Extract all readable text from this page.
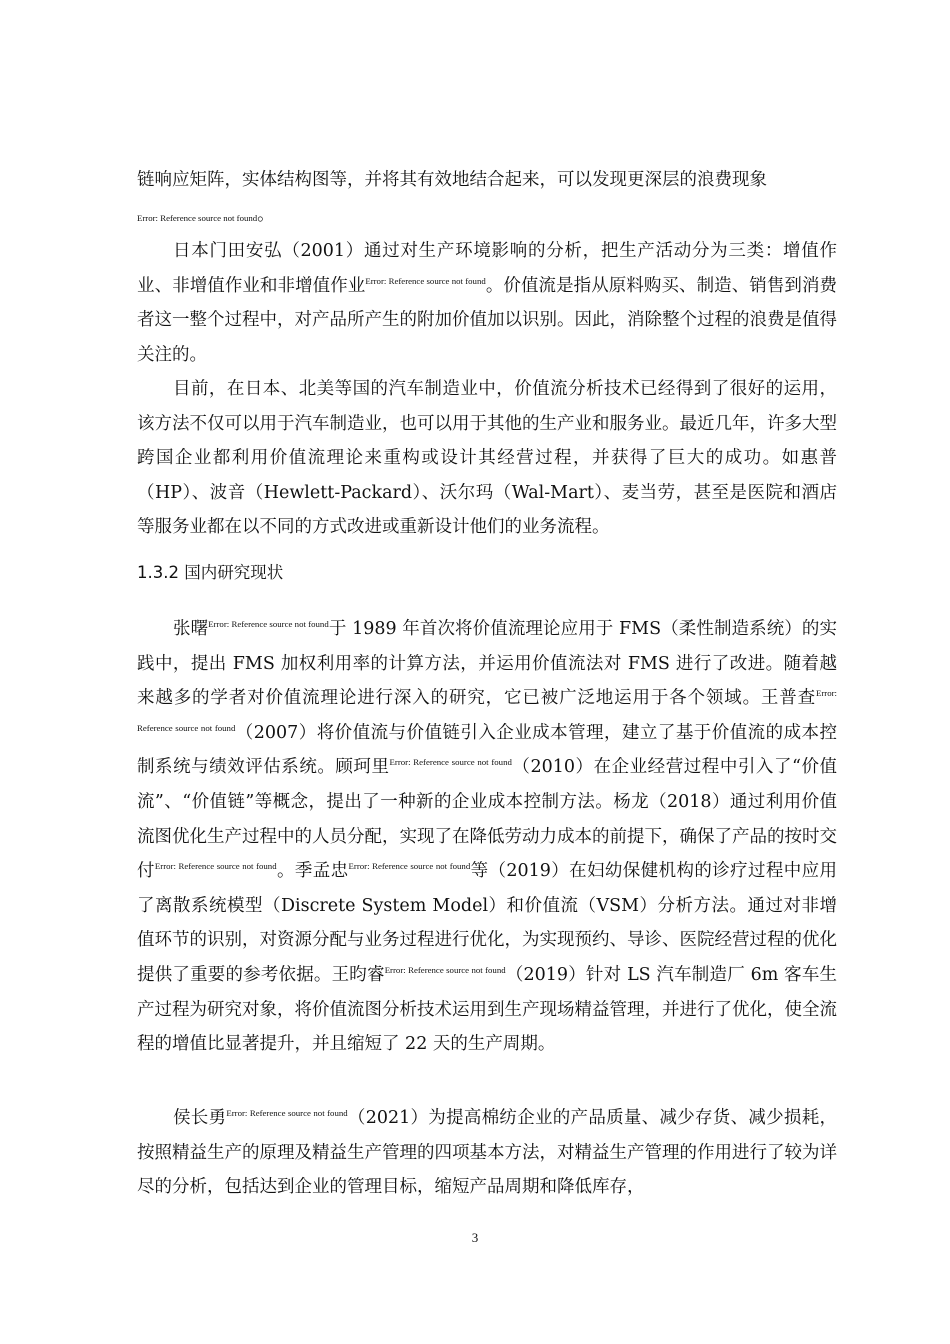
链响应矩阵，实体结构图等，并将其有效地结合起来，可以发现更深层的浪费现象
Error: Reference source not found。

日本门田安弘（2001）通过对生产环境影响的分析，把生产活动分为三类：增值作业、非增值作业和非增值作业$^{Error: Reference source not found}$。价值流是指从原料购买、制造、销售到消费者这一整个过程中，对产品所产生的附加价值加以识别。因此，消除整个过程的浪费是值得关注的。

目前，在日本、北美等国的汽车制造业中，价值流分析技术已经得到了很好的运用，该方法不仅可以用于汽车制造业，也可以用于其他的生产业和服务业。最近几年，许多大型跨国企业都利用价值流理论来重构或设计其经营过程，并获得了巨大的成功。如惠普（HP）、波音（Hewlett-Packard）、沃尔玛（Wal-Mart）、麦当劳，甚至是医院和酒店等服务业都在以不同的方式改进或重新设计他们的业务流程。

1.3.2 国内研究现状

张曙$^{Error: Reference source not found}$于 1989 年首次将价值流理论应用于 FMS（柔性制造系统）的实践中，提出 FMS 加权利用率的计算方法，并运用价值流法对 FMS 进行了改进。随着越来越多的学者对价值流理论进行深入的研究，它已被广泛地运用于各个领域。王普查$^{Error: Reference source not found}$（2007）将价值流与价值链引入企业成本管理，建立了基于价值流的成本控制系统与绩效评估系统。顾珂里$^{Error: Reference source not found}$（2010）在企业经营过程中引入了“价值流”、“价值链”等概念，提出了一种新的企业成本控制方法。杨龙（2018）通过利用价值流图优化生产过程中的人员分配，实现了在降低劳动力成本的前提下，确保了产品的按时交付$^{Error: Reference source not found}$。季孟忠$^{Error: Reference source not found}$等（2019）在妇幼保健机构的诊疗过程中应用了离散系统模型（Discrete System Model）和价值流（VSM）分析方法。通过对非增值环节的识别，对资源分配与业务过程进行优化，为实现预约、导诊、医院经营过程的优化提供了重要的参考依据。王昀睿$^{Error: Reference source not found}$（2019）针对 LS 汽车制造厂 6m 客车生产过程为研究对象，将价值流图分析技术运用到生产现场精益管理，并进行了优化，使全流程的增值比显著提升，并且缩短了 22 天的生产周期。

侯长勇$^{Error: Reference source not found}$（2021）为提高棉纺企业的产品质量、减少存货、减少损耗，按照精益生产的原理及精益生产管理的四项基本方法，对精益生产管理的作用进行了较为详尽的分析，包括达到企业的管理目标，缩短产品周期和降低库存，

3
